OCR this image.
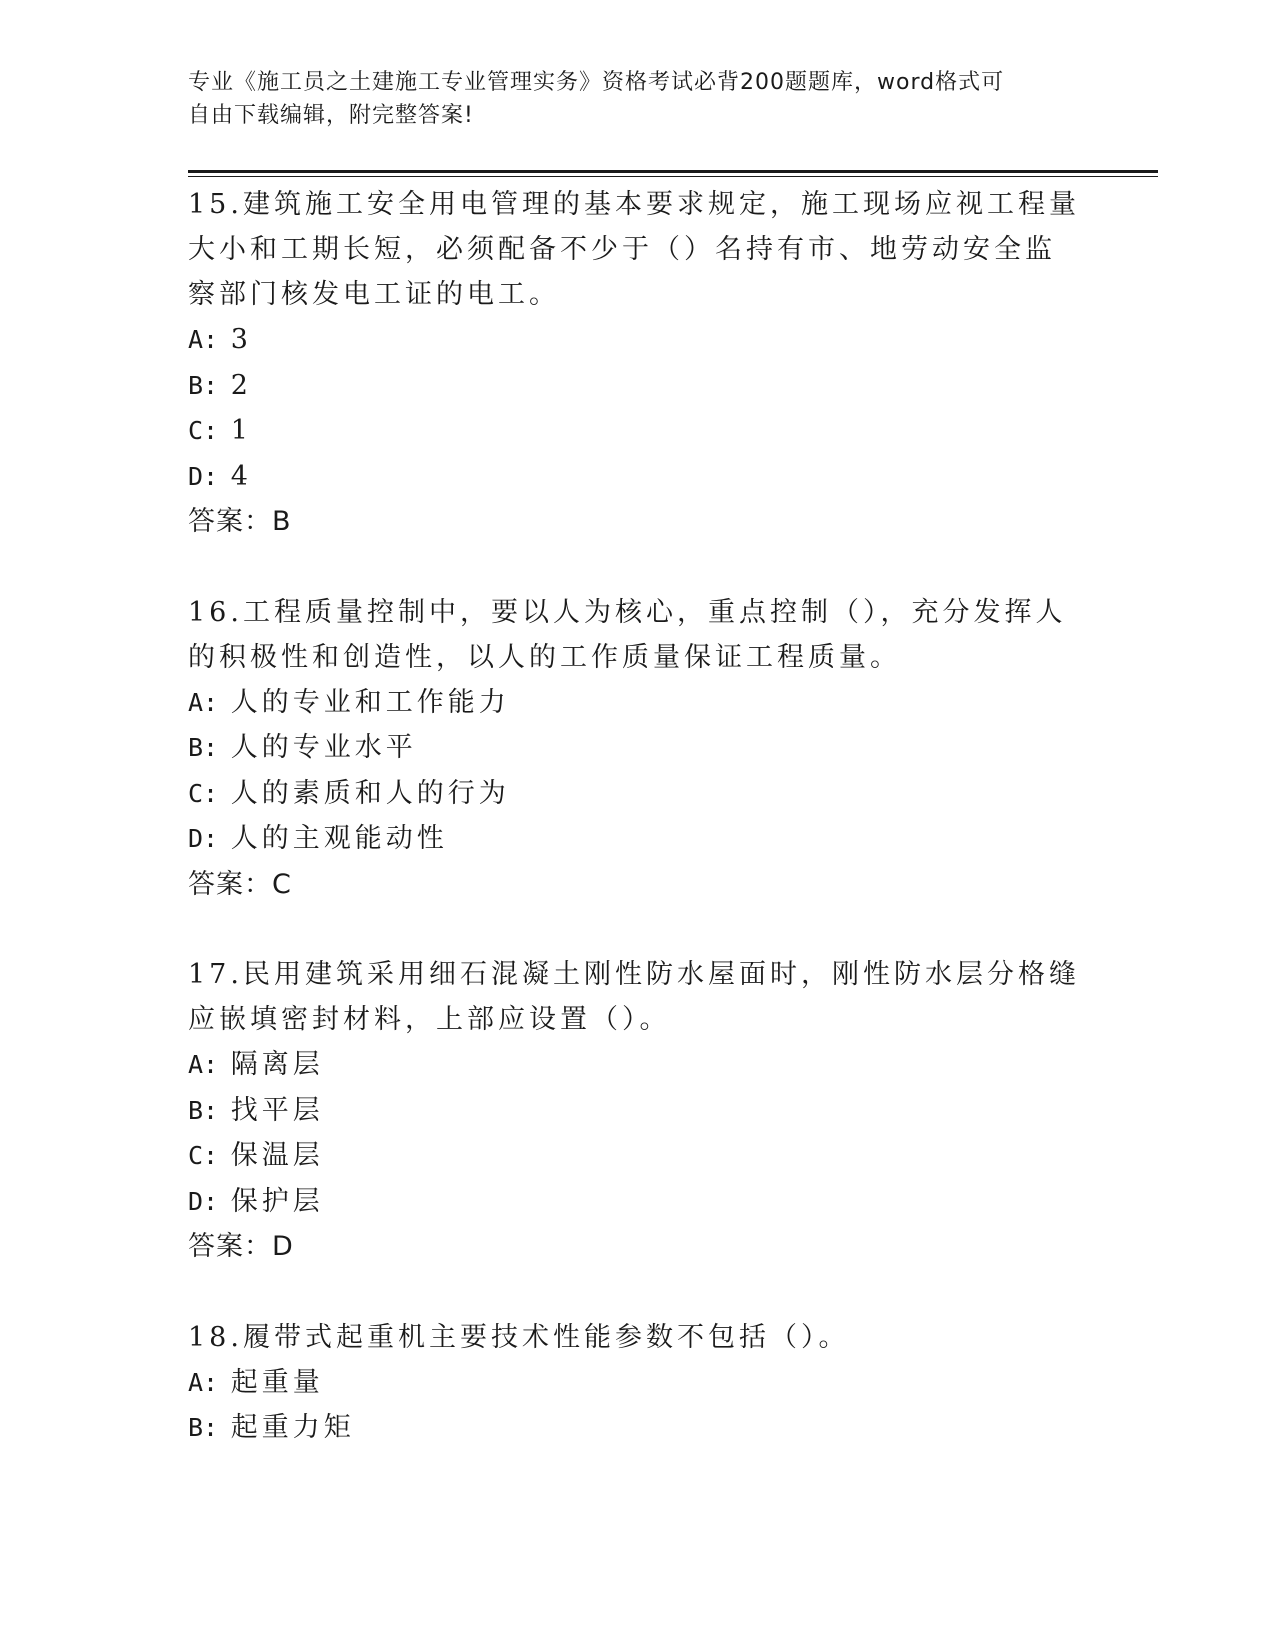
专业《施工员之土建施工专业管理实务》资格考试必背200题题库，word格式可
自由下载编辑，附完整答案!
15.建筑施工安全用电管理的基本要求规定，施工现场应视工程量大小和工期长短，必须配备不少于（）名持有市、地劳动安全监察部门核发电工证的电工。
A: 3
B: 2
C: 1
D: 4
答案：B
16.工程质量控制中，要以人为核心，重点控制（），充分发挥人的积极性和创造性，以人的工作质量保证工程质量。
A: 人的专业和工作能力
B: 人的专业水平
C: 人的素质和人的行为
D: 人的主观能动性
答案：C
17.民用建筑采用细石混凝土刚性防水屋面时，刚性防水层分格缝应嵌填密封材料，上部应设置（）。
A: 隔离层
B: 找平层
C: 保温层
D: 保护层
答案：D
18.履带式起重机主要技术性能参数不包括（）。
A: 起重量
B: 起重力矩
